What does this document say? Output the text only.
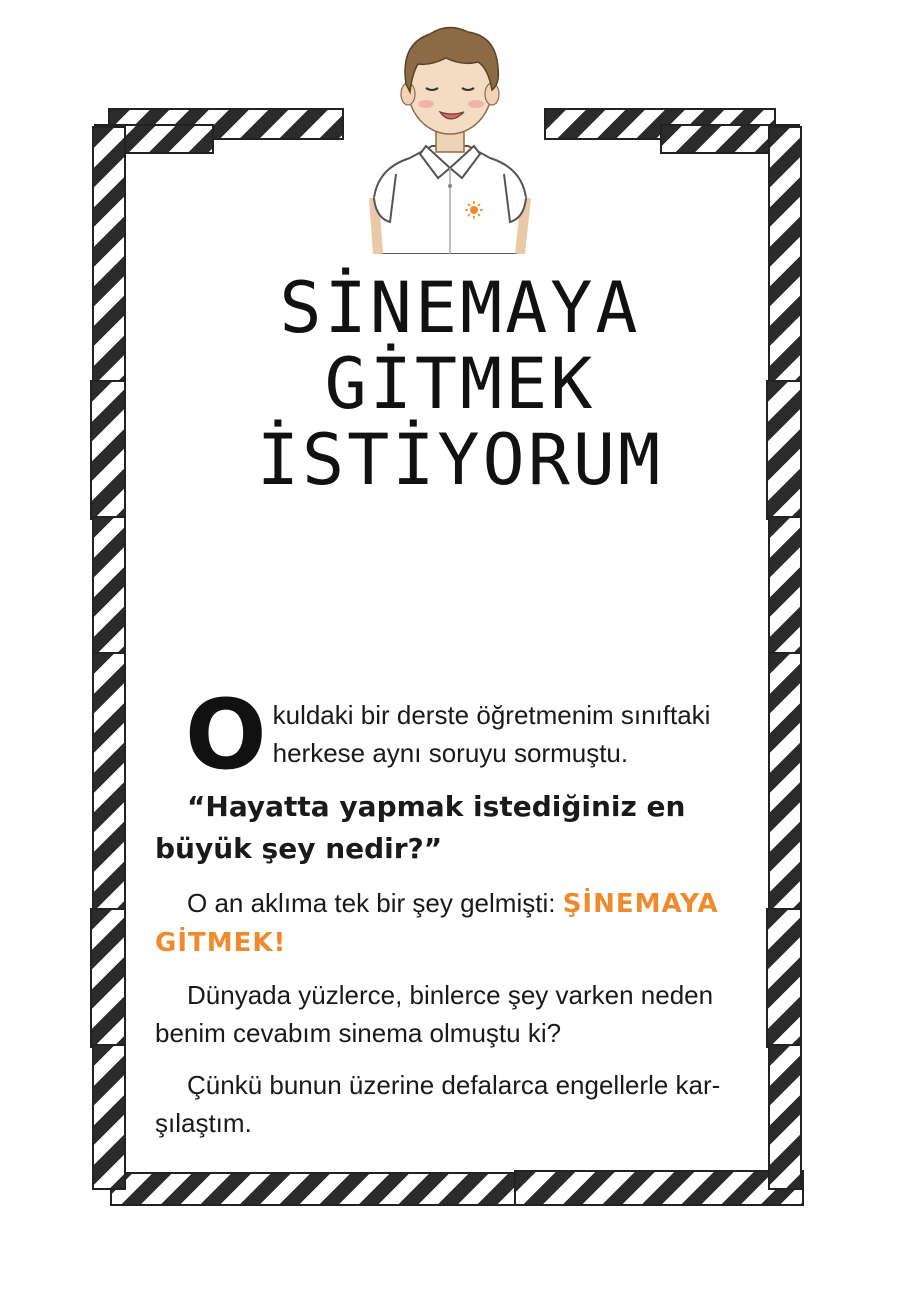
SİNEMAYA
GİTMEK
İSTİYORUM

Okuldaki bir derste öğretmenim sınıftaki herkese aynı soruyu sormuştu.

“Hayatta yapmak istediğiniz en büyük şey nedir?”

O an aklıma tek bir şey gelmişti: ŞİNEMAYA GİTMEK!

Dünyada yüzlerce, binlerce şey varken neden benim cevabım sinema olmuştu ki?

Çünkü bunun üzerine defalarca engellerle kar-şılaştım.
